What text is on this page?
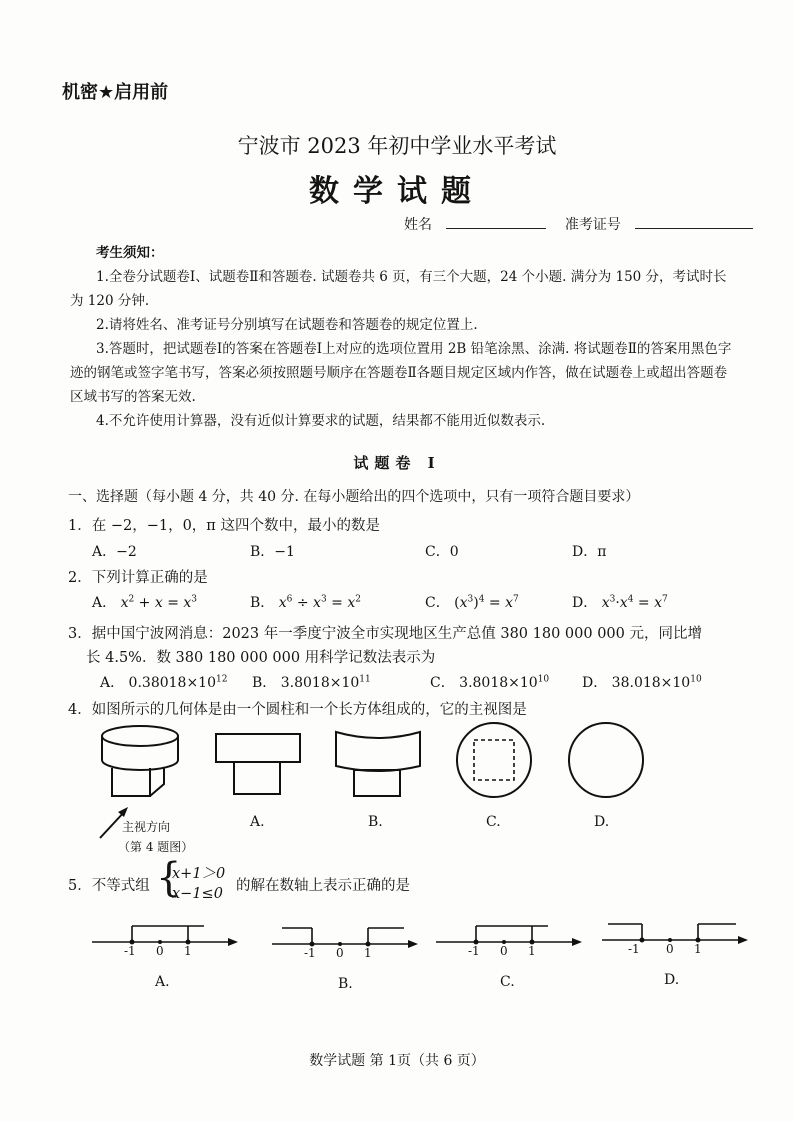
机密★启用前
宁波市 2023 年初中学业水平考试
数学试题
姓名	准考证号

考生须知：

1.全卷分试题卷Ⅰ、试题卷Ⅱ和答题卷. 试题卷共 6 页，有三个大题，24 个小题. 满分为 150 分，考试时长为 120 分钟.

2.请将姓名、准考证号分别填写在试题卷和答题卷的规定位置上.

3.答题时，把试题卷Ⅰ的答案在答题卷Ⅰ上对应的选项位置用 2B 铅笔涂黑、涂满. 将试题卷Ⅱ的答案用黑色字迹的钢笔或签字笔书写，答案必须按照题号顺序在答题卷Ⅱ各题目规定区域内作答，做在试题卷上或超出答题卷区域书写的答案无效.

4.不允许使用计算器，没有近似计算要求的试题，结果都不能用近似数表示.

试题卷 Ⅰ
一、选择题（每小题 4 分，共 40 分. 在每小题给出的四个选项中，只有一项符合题目要求）
1．在 −2，−1，0，π 这四个数中，最小的数是
A．−2	B．−1	C．0	D．π
2．下列计算正确的是
A． $x^2 + x = x^3$	B． $x^6 \div x^3 = x^2$	C． $(x^3)^4 = x^7$	D． $x^3\cdot x^4 = x^7$
3．据中国宁波网消息：2023 年一季度宁波全市实现地区生产总值 380 180 000 000 元，同比增
长 4.5%．数 380 180 000 000 用科学记数法表示为
A． $0.38018\times 10^{12}$ B． $3.8018\times 10^{11}$	C． $3.8018\times 10^{10}$ D． $38.018\times 10^{10}$
4．如图所示的几何体是由一个圆柱和一个长方体组成的，它的主视图是
主视方向
（第 4 题图）
A.	B.	C.	D.
5．不等式组 {
x+1＞0
x−1≤0 的解在数轴上表示正确的是
-1 0 1
A.
-1 0 1
B.
-1 0 1
C.
-1 0 1
D.
数学试题 第 1页（共 6 页）
